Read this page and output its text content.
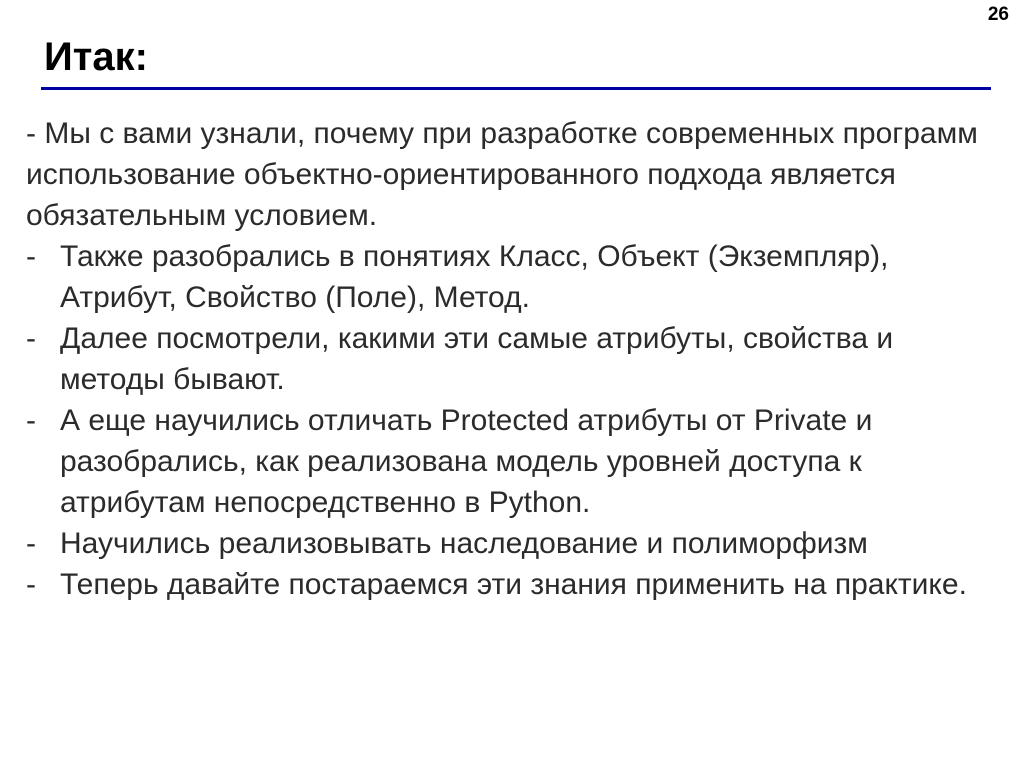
26
Итак:

- Мы с вами узнали, почему при разработке современных программ использование объектно-ориентированного подхода является обязательным условием.

- Также разобрались в понятиях Класс, Объект (Экземпляр), Атрибут, Свойство (Поле), Метод.
- Далее посмотрели, какими эти самые атрибуты, свойства и методы бывают.
- А еще научились отличать Protected атрибуты от Private и разобрались, как реализована модель уровней доступа к атрибутам непосредственно в Python.
- Научились реализовывать наследование и полиморфизм
- Теперь давайте постараемся эти знания применить на практике.
